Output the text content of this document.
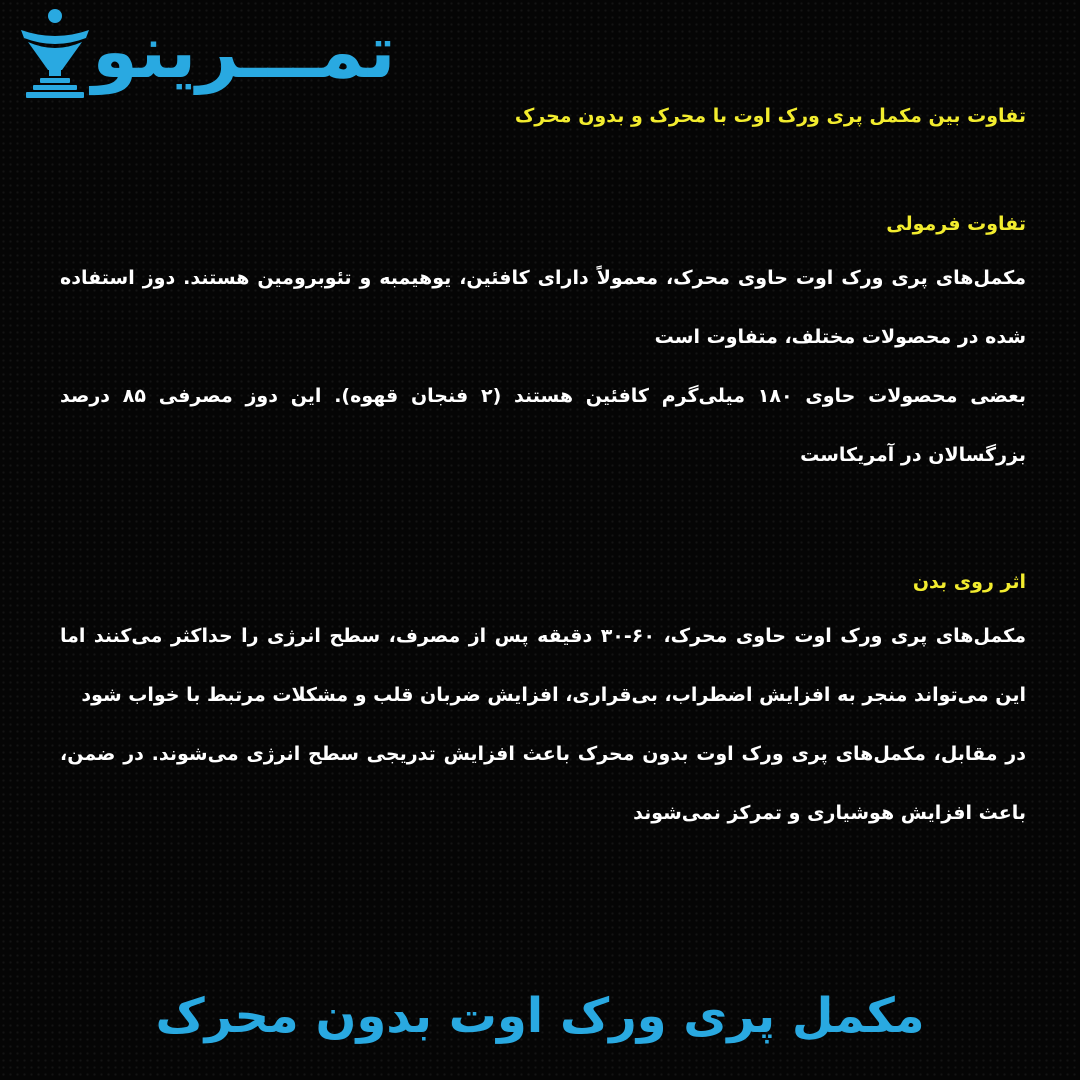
تمـــرینو

تفاوت بین مکمل پری ورک اوت با محرک و بدون محرک

تفاوت فرمولی

مکمل‌های پری ورک اوت حاوی محرک، معمولاً دارای کافئین، یوهیمبه و تئوبرومین هستند. دوز استفاده شده در محصولات مختلف، متفاوت است
بعضی محصولات حاوی ۱۸۰ میلی‌گرم کافئین هستند (۲ فنجان قهوه). این دوز مصرفی ۸۵ درصد بزرگسالان در آمریکاست

اثر روی بدن

مکمل‌های پری ورک اوت حاوی محرک، ۶۰-۳۰ دقیقه پس از مصرف، سطح انرژی را حداکثر می‌کنند اما این می‌تواند منجر به افزایش اضطراب، بی‌قراری، افزایش ضربان قلب و مشکلات مرتبط با خواب شود
در مقابل، مکمل‌های پری ورک اوت بدون محرک باعث افزایش تدریجی سطح انرژی می‌شوند. در ضمن، باعث افزایش هوشیاری و تمرکز نمی‌شوند

مکمل پری ورک اوت بدون محرک
